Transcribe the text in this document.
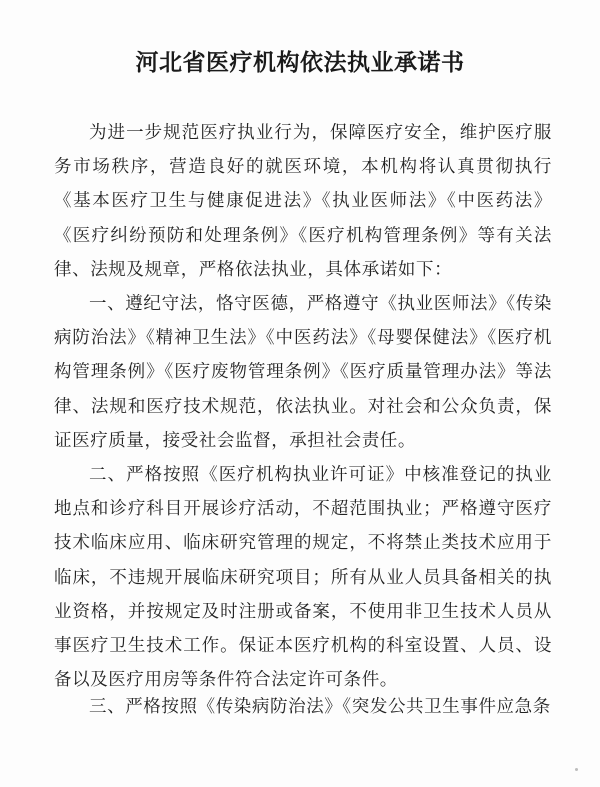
河北省医疗机构依法执业承诺书

为进一步规范医疗执业行为，保障医疗安全，维护医疗服务市场秩序，营造良好的就医环境，本机构将认真贯彻执行《基本医疗卫生与健康促进法》《执业医师法》《中医药法》《医疗纠纷预防和处理条例》《医疗机构管理条例》等有关法律、法规及规章，严格依法执业，具体承诺如下：

一、遵纪守法，恪守医德，严格遵守《执业医师法》《传染病防治法》《精神卫生法》《中医药法》《母婴保健法》《医疗机构管理条例》《医疗废物管理条例》《医疗质量管理办法》等法律、法规和医疗技术规范，依法执业。对社会和公众负责，保证医疗质量，接受社会监督，承担社会责任。

二、严格按照《医疗机构执业许可证》中核准登记的执业地点和诊疗科目开展诊疗活动，不超范围执业；严格遵守医疗技术临床应用、临床研究管理的规定，不将禁止类技术应用于临床，不违规开展临床研究项目；所有从业人员具备相关的执业资格，并按规定及时注册或备案，不使用非卫生技术人员从事医疗卫生技术工作。保证本医疗机构的科室设置、人员、设备以及医疗用房等条件符合法定许可条件。

三、严格按照《传染病防治法》《突发公共卫生事件应急条
